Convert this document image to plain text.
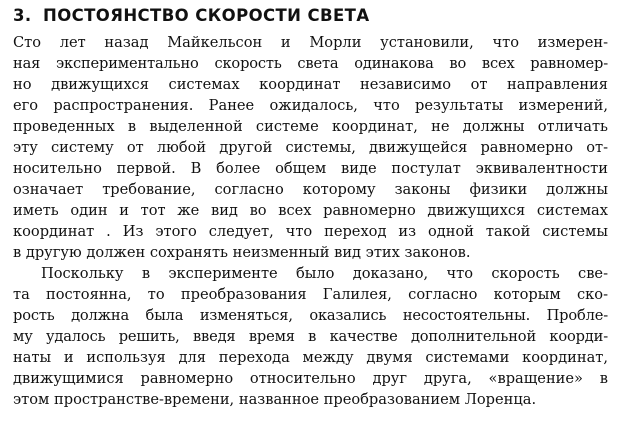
3. ПОСТОЯНСТВО СКОРОСТИ СВЕТА
Сто лет назад Майкельсон и Морли установили, что измерен-
ная экспериментально скорость света одинакова во всех равномер-
но движущихся системах координат независимо от направления
его распространения. Ранее ожидалось, что результаты измерений,
проведенных в выделенной системе координат, не должны отличать
эту систему от любой другой системы, движущейся равномерно от-
носительно первой. В более общем виде постулат эквивалентности
означает требование, согласно которому законы физики должны
иметь один и тот же вид во всех равномерно движущихся системах
координат . Из этого следует, что переход из одной такой системы
в другую должен сохранять неизменный вид этих законов.
Поскольку в эксперименте было доказано, что скорость све-
та постоянна, то преобразования Галилея, согласно которым ско-
рость должна была изменяться, оказались несостоятельны. Пробле-
му удалось решить, введя время в качестве дополнительной коорди-
наты и используя для перехода между двумя системами координат,
движущимися равномерно относительно друг друга, «вращение» в
этом пространстве-времени, названное преобразованием Лоренца.
